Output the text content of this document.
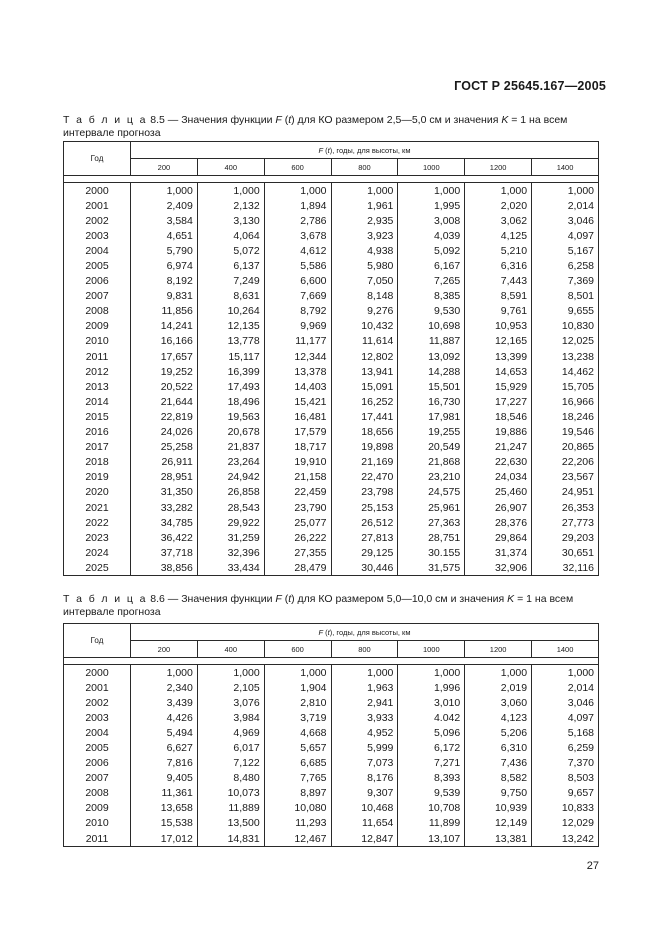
ГОСТ Р 25645.167—2005
Т а б л и ц а 8.5 — Значения функции F (t) для КО размером 2,5—5,0 см и значения K = 1 на всем интервале прогноза
Год	F (t), годы, для высоты, км						
	200	400	600	800	1000	1200	1400

2000	1,000	1,000	1,000	1,000	1,000	1,000	1,000
2001	2,409	2,132	1,894	1,961	1,995	2,020	2,014
2002	3,584	3,130	2,786	2,935	3,008	3,062	3,046
2003	4,651	4,064	3,678	3,923	4,039	4,125	4,097
2004	5,790	5,072	4,612	4,938	5,092	5,210	5,167
2005	6,974	6,137	5,586	5,980	6,167	6,316	6,258
2006	8,192	7,249	6,600	7,050	7,265	7,443	7,369
2007	9,831	8,631	7,669	8,148	8,385	8,591	8,501
2008	11,856	10,264	8,792	9,276	9,530	9,761	9,655
2009	14,241	12,135	9,969	10,432	10,698	10,953	10,830
2010	16,166	13,778	11,177	11,614	11,887	12,165	12,025
2011	17,657	15,117	12,344	12,802	13,092	13,399	13,238
2012	19,252	16,399	13,378	13,941	14,288	14,653	14,462
2013	20,522	17,493	14,403	15,091	15,501	15,929	15,705
2014	21,644	18,496	15,421	16,252	16,730	17,227	16,966
2015	22,819	19,563	16,481	17,441	17,981	18,546	18,246
2016	24,026	20,678	17,579	18,656	19,255	19,886	19,546
2017	25,258	21,837	18,717	19,898	20,549	21,247	20,865
2018	26,911	23,264	19,910	21,169	21,868	22,630	22,206
2019	28,951	24,942	21,158	22,470	23,210	24,034	23,567
2020	31,350	26,858	22,459	23,798	24,575	25,460	24,951
2021	33,282	28,543	23,790	25,153	25,961	26,907	26,353
2022	34,785	29,922	25,077	26,512	27,363	28,376	27,773
2023	36,422	31,259	26,222	27,813	28,751	29,864	29,203
2024	37,718	32,396	27,355	29,125	30.155	31,374	30,651
2025	38,856	33,434	28,479	30,446	31,575	32,906	32,116
Т а б л и ц а 8.6 — Значения функции F (t) для КО размером 5,0—10,0 см и значения K = 1 на всем интервале прогноза
Год	F (t), годы, для высоты, км						
	200	400	600	800	1000	1200	1400

2000	1,000	1,000	1,000	1,000	1,000	1,000	1,000
2001	2,340	2,105	1,904	1,963	1,996	2,019	2,014
2002	3,439	3,076	2,810	2,941	3,010	3,060	3,046
2003	4,426	3,984	3,719	3,933	4.042	4,123	4,097
2004	5,494	4,969	4,668	4,952	5,096	5,206	5,168
2005	6,627	6,017	5,657	5,999	6,172	6,310	6,259
2006	7,816	7,122	6,685	7,073	7,271	7,436	7,370
2007	9,405	8,480	7,765	8,176	8,393	8,582	8,503
2008	11,361	10,073	8,897	9,307	9,539	9,750	9,657
2009	13,658	11,889	10,080	10,468	10,708	10,939	10,833
2010	15,538	13,500	11,293	11,654	11,899	12,149	12,029
2011	17,012	14,831	12,467	12,847	13,107	13,381	13,242
27
